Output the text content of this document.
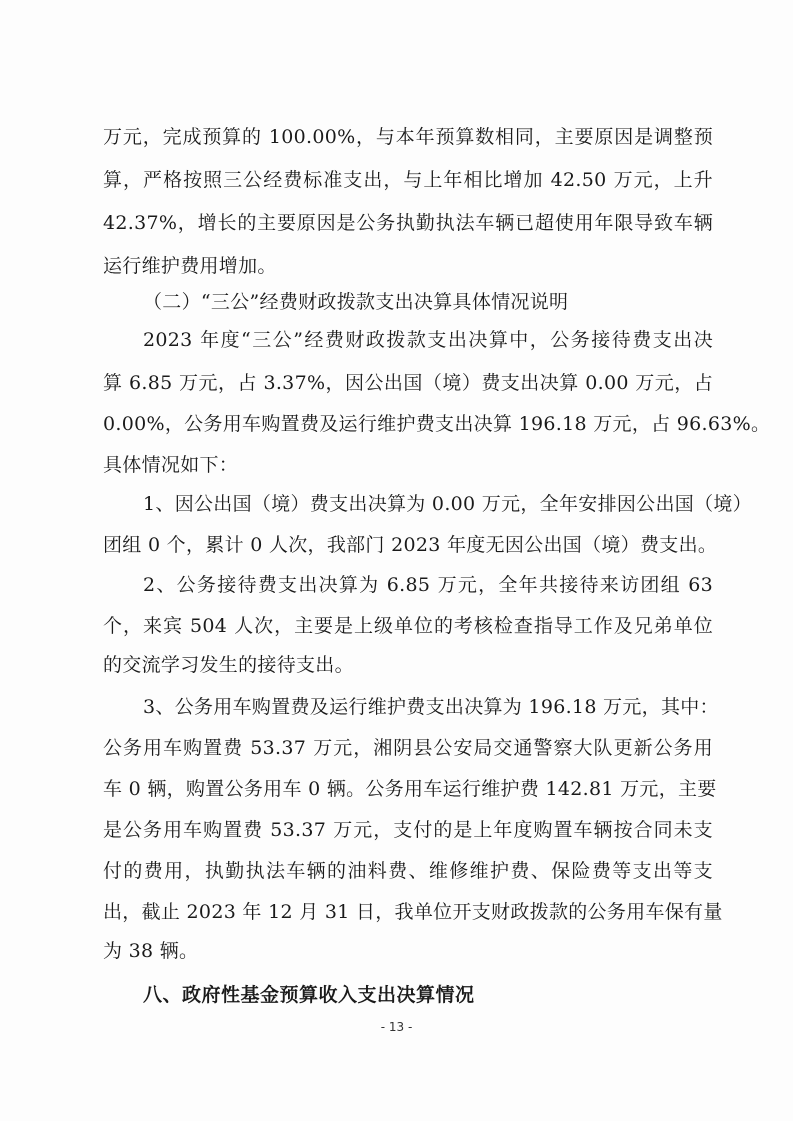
万元，完成预算的 100.00%，与本年预算数相同，主要原因是调整预
算，严格按照三公经费标准支出，与上年相比增加 42.50 万元，上升
42.37%，增长的主要原因是公务执勤执法车辆已超使用年限导致车辆
运行维护费用增加。
（二）“三公”经费财政拨款支出决算具体情况说明
2023 年度“三公”经费财政拨款支出决算中，公务接待费支出决
算 6.85 万元，占 3.37%，因公出国（境）费支出决算 0.00 万元，占
0.00%，公务用车购置费及运行维护费支出决算 196.18 万元，占 96.63%。
具体情况如下：
1、因公出国（境）费支出决算为 0.00 万元，全年安排因公出国（境）
团组 0 个，累计 0 人次，我部门 2023 年度无因公出国（境）费支出。
2、公务接待费支出决算为 6.85 万元，全年共接待来访团组 63
个，来宾 504 人次，主要是上级单位的考核检查指导工作及兄弟单位
的交流学习发生的接待支出。
3、公务用车购置费及运行维护费支出决算为 196.18 万元，其中：
公务用车购置费 53.37 万元，湘阴县公安局交通警察大队更新公务用
车 0 辆，购置公务用车 0 辆。公务用车运行维护费 142.81 万元，主要
是公务用车购置费 53.37 万元，支付的是上年度购置车辆按合同未支
付的费用，执勤执法车辆的油料费、维修维护费、保险费等支出等支
出，截止 2023 年 12 月 31 日，我单位开支财政拨款的公务用车保有量
为 38 辆。
八、政府性基金预算收入支出决算情况
- 13 -
